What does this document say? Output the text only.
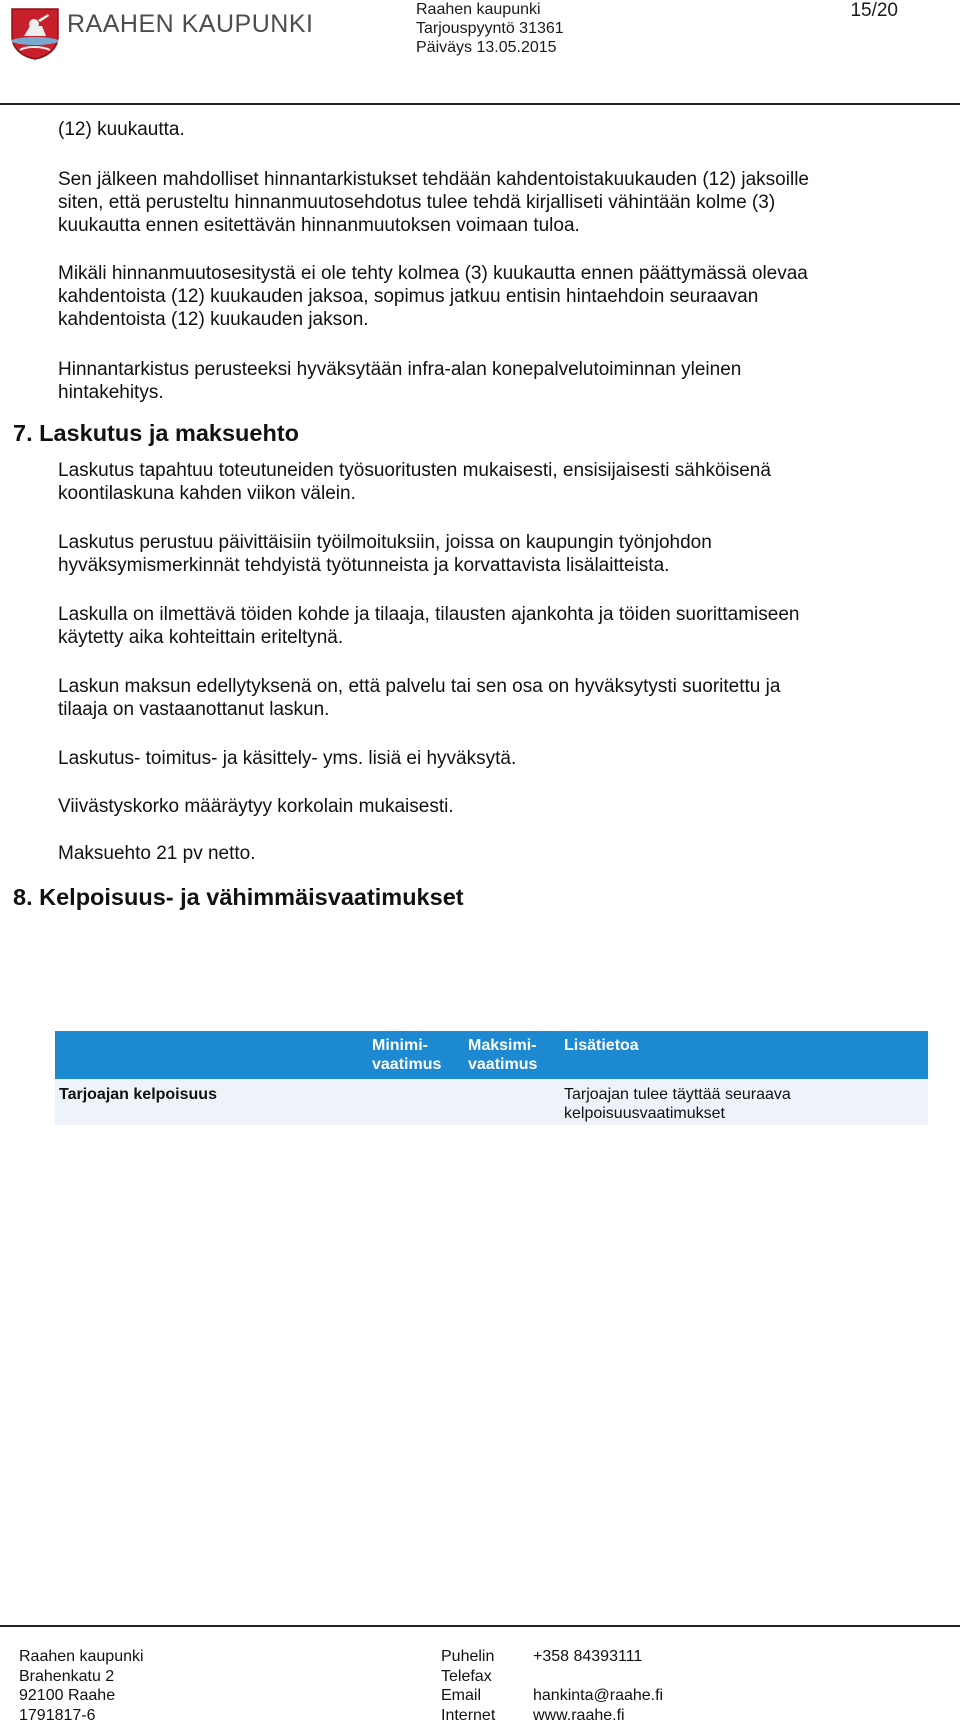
RAAHEN KAUPUNKI
Raahen kaupunki
Tarjouspyyntö 31361
Päiväys 13.05.2015
15/20

(12) kuukautta.

Sen jälkeen mahdolliset hinnantarkistukset tehdään kahdentoistakuukauden (12) jaksoille

siten, että perusteltu hinnanmuutosehdotus tulee tehdä kirjalliseti vähintään kolme (3)

kuukautta ennen esitettävän hinnanmuutoksen voimaan tuloa.

Mikäli hinnanmuutosesitystä ei ole tehty kolmea (3) kuukautta ennen päättymässä olevaa

kahdentoista (12) kuukauden jaksoa, sopimus jatkuu entisin hintaehdoin seuraavan

kahdentoista (12) kuukauden jakson.

Hinnantarkistus perusteeksi hyväksytään infra-alan konepalvelutoiminnan yleinen

hintakehitys.

7. Laskutus ja maksuehto

Laskutus tapahtuu toteutuneiden työsuoritusten mukaisesti, ensisijaisesti sähköisenä

koontilaskuna kahden viikon välein.

Laskutus perustuu päivittäisiin työilmoituksiin, joissa on kaupungin työnjohdon

hyväksymismerkinnät tehdyistä työtunneista ja korvattavista lisälaitteista.

Laskulla on ilmettävä töiden kohde ja tilaaja, tilausten ajankohta ja töiden suorittamiseen

käytetty aika kohteittain eriteltynä.

Laskun maksun edellytyksenä on, että palvelu tai sen osa on hyväksytysti suoritettu ja

tilaaja on vastaanottanut laskun.

Laskutus- toimitus- ja käsittely- yms. lisiä ei hyväksytä.

Viivästyskorko määräytyy korkolain mukaisesti.

Maksuehto 21 pv netto.

8. Kelpoisuus- ja vähimmäisvaatimukset
Minimi-
vaatimus
Maksimi-
vaatimus
Lisätietoa
Tarjoajan kelpoisuus	Tarjoajan tulee täyttää seuraava
kelpoisuusvaatimukset
Raahen kaupunki
Brahenkatu 2
92100 Raahe
1791817-6
Puhelin
Telefax
Email
Internet
+358 84393111

hankinta@raahe.fi
www.raahe.fi
